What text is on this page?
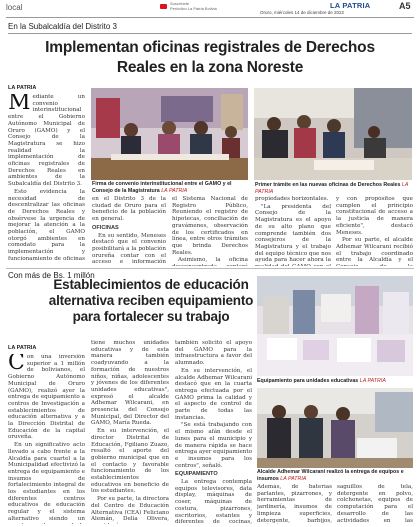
local	Suscríbete
Periódico La Patria Bolivia
Oruro, miércoles 14 de diciembre de 2022
LA PATRIA	A5
En la Subalcaldía del Distrito 3
Implementan oficinas registrales de Derechos Reales en la zona Noreste
LA PATRIA

Mediante un convenio interinstitucional entre el Gobierno Autónomo Municipal de Oruro (GAMO) y el Consejo de la Magistratura se hizo realidad la implementación de oficinas registrales de Derechos Reales en ambientes de la Subalcaldía del Distrito 3.

Esto evidencia la necesidad de descentralizar las oficinas de Derechos Reales y obsérvese la urgencia de mejorar la atención a la población, el GAMO otorgó ambientes en comodato para la implementación y funcionamiento de oficinas

Firma de convenio interinstitucional entre el GAMO y el Consejo de la Magistratura LA PATRIA

en el Distrito 3 de la ciudad de Oruro para el beneficio de la población en general.

OFICINAS

En su sentido, Meneses destacó que el convenio posibilitará a la población orureña contar con el acceso e información

el Sistema Nacional de Registro Público, Reuniendo el registro de hipotecas, conciliación de gravámenes, observación de los certificados en línea, entre otros trámites que brinda Derechos Reales.

Asimismo, la oficina

Primer trámite en las nuevas oficinas de Derechos Reales LA PATRIA

propiedades horizontales.

"La presidenta del Consejo de la Magistratura es el apoyo de su alto plano que comprende también dos consejeros de la Magistratura y el trabajo del equipo técnico que nos ayuda para hacer ahora la

y con propósitos que cumplen el principio constitucional de acceso a la justicia de manera eficiente", destacó Meneses.

Por su parte, el alcalde Adhemar Wilcarani recibió el trabajo coordinado entre la Alcaldía y el

Con más de Bs. 1 millón
Establecimientos de educación alternativa reciben equipamiento para fortalecer su trabajo
LA PATRIA

Con una inversión superior a 1 millón de bolivianos, el Gobierno Autónomo Municipal de Oruro (GAMO), realizó ayer la entrega de equipamiento a centros de Investigación a establecimientos de educación alternativa y a la Dirección Distrital de Educación de la capital oruveña.

En un significativo acto llevado a cabo frente a la Alcaldía para cuartel a la Municipalidad efectivizó la entrega de equipamiento e insumos de fortalecimiento integral de los estudiantes en los diferentes centros educativos de educación regular y el sistema alternativo siendo un

tiene muchos unidades educativas y de esta manera también coadyuvando a la formación de nuestros niños, niñas, adolescentes y jóvenes de los diferentes unidades educativas", expresó el alcalde Adhemar Wilcarani, en presencia del Consejo Municipal, del Director del GAMO, María Rueda.

En su intervención, el director Distrital de Educación, Fgiliano Zuazo, resaltó el aporte del gobierno municipal que en el contacto y favorable funcionamiento de los establecimientos educativos en beneficio de los estudiantes.

Por su parte, la directora del Centro de Educación Alternativa (CEA) Feliciano Alemán, Delia Olivera,

también solicitó el apoyo del GAMO para la infraestructura a favor del alumnado.

En su intervención, el alcalde Adhemar Wilcarani destacó que en la cuarta entrega efectuada por el GAMO prima la calidad y el aspecto de control de parte de todas las instancias.

"Se está trabajando con el mismo afán desde el lunes para el municipio y de manera rápida se hace entrega ayer equipamiento e insumos para los centros", señaló.

EQUIPAMIENTO

La entrega contempla equipos televisores, data display, máquinas de coser, máquinas de costura, pizarrones, escritorios, estantes y diferentes de cocinas,

Equipamiento para unidades educativas LA PATRIA
Alcalde Adhemar Wilcarani realizó la entrega de equipos e insumos LA PATRIA

Además, de baterías parlantes, pizarrones, y herramientas de jardinería, insumos de limpieza superficies, detergente, barbijos,

saguillos de tela, detergente en polvo, colchonetas, equipos de computación para el desarrollo de las actividades en las
